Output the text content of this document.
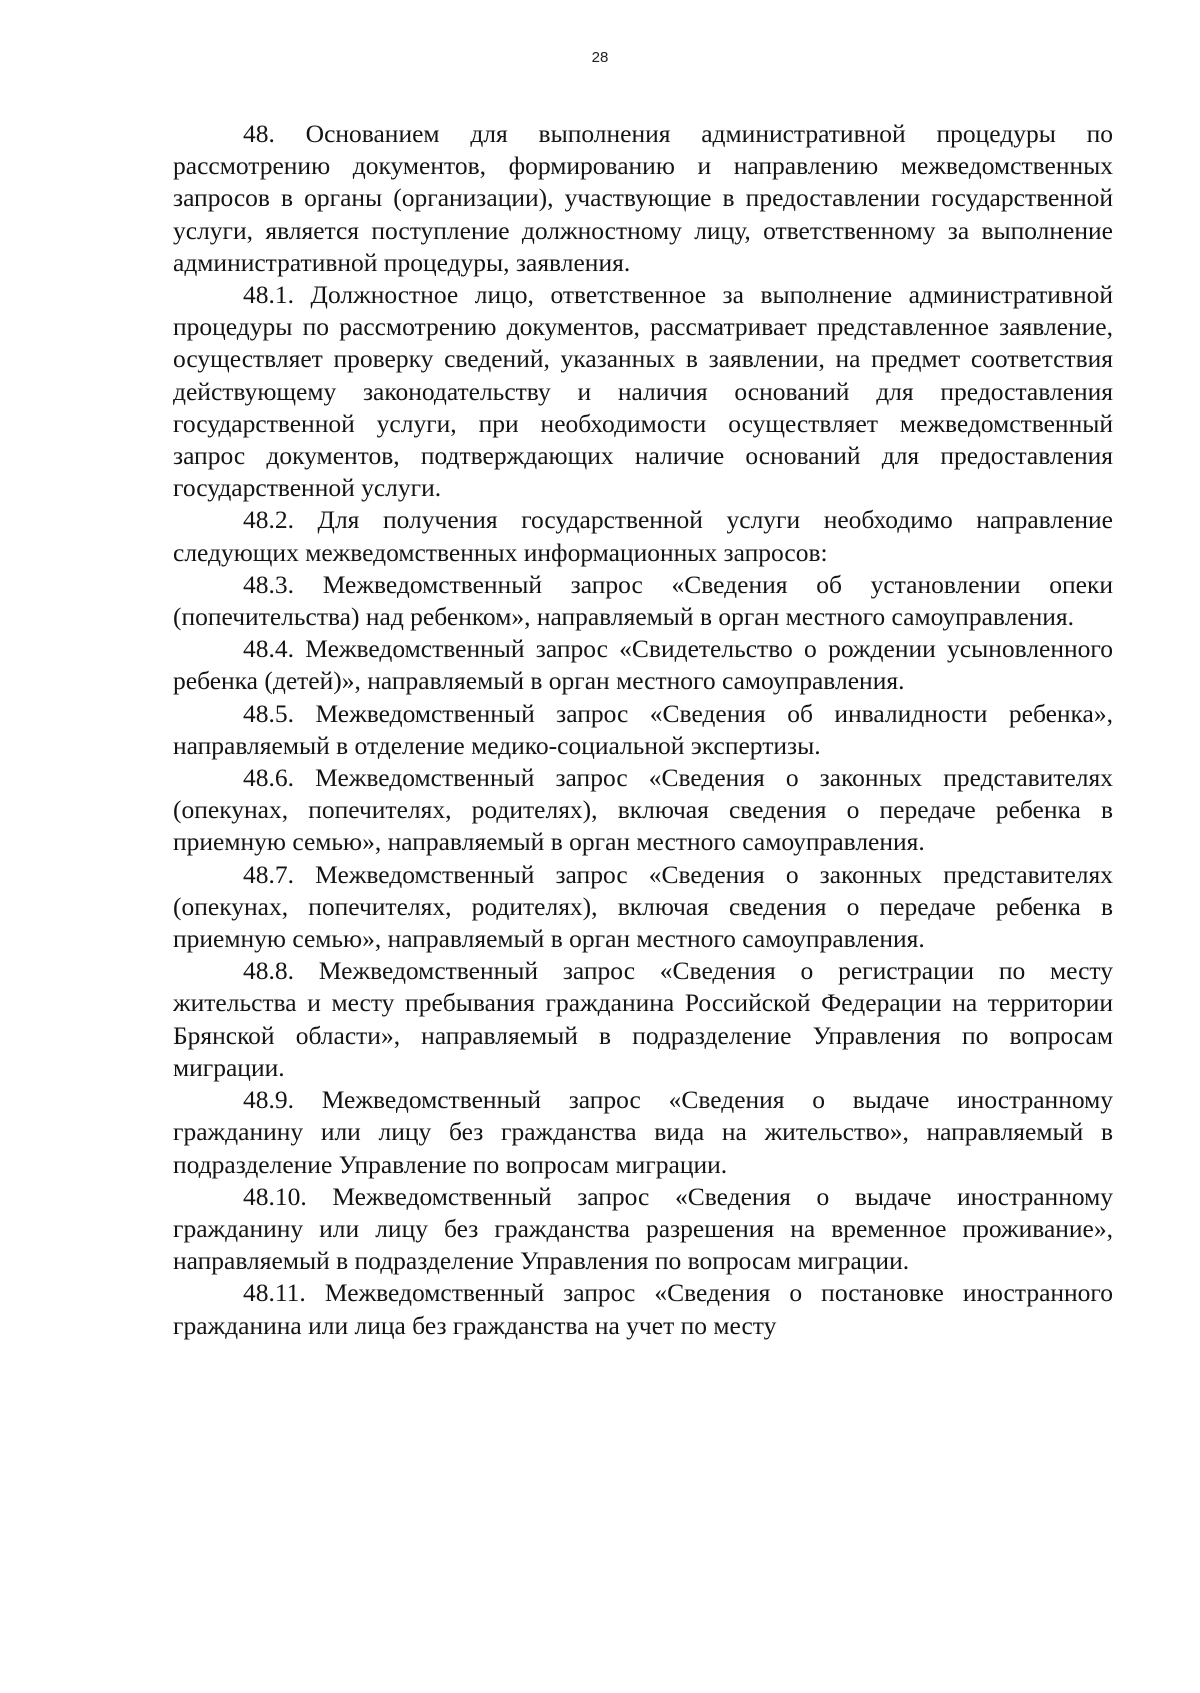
28

48. Основанием для выполнения административной процедуры по рассмотрению документов, формированию и направлению межведомственных запросов в органы (организации), участвующие в предоставлении государственной услуги, является поступление должностному лицу, ответственному за выполнение административной процедуры, заявления.

48.1. Должностное лицо, ответственное за выполнение административной процедуры по рассмотрению документов, рассматривает представленное заявление, осуществляет проверку сведений, указанных в заявлении, на предмет соответствия действующему законодательству и наличия оснований для предоставления государственной услуги, при необходимости осуществляет межведомственный запрос документов, подтверждающих наличие оснований для предоставления государственной услуги.

48.2. Для получения государственной услуги необходимо направление следующих межведомственных информационных запросов:

48.3. Межведомственный запрос «Сведения об установлении опеки (попечительства) над ребенком», направляемый в орган местного самоуправления.

48.4. Межведомственный запрос «Свидетельство о рождении усыновленного ребенка (детей)», направляемый в орган местного самоуправления.

48.5. Межведомственный запрос «Сведения об инвалидности ребенка», направляемый в отделение медико-социальной экспертизы.

48.6. Межведомственный запрос «Сведения о законных представителях (опекунах, попечителях, родителях), включая сведения о передаче ребенка в приемную семью», направляемый в орган местного самоуправления.

48.7. Межведомственный запрос «Сведения о законных представителях (опекунах, попечителях, родителях), включая сведения о передаче ребенка в приемную семью», направляемый в орган местного самоуправления.

48.8. Межведомственный запрос «Сведения о регистрации по месту жительства и месту пребывания гражданина Российской Федерации на территории Брянской области», направляемый в подразделение Управления по вопросам миграции.

48.9. Межведомственный запрос «Сведения о выдаче иностранному гражданину или лицу без гражданства вида на жительство», направляемый в подразделение Управление по вопросам миграции.

48.10. Межведомственный запрос «Сведения о выдаче иностранному гражданину или лицу без гражданства разрешения на временное проживание», направляемый в подразделение Управления по вопросам миграции.

48.11. Межведомственный запрос «Сведения о постановке иностранного гражданина или лица без гражданства на учет по месту
